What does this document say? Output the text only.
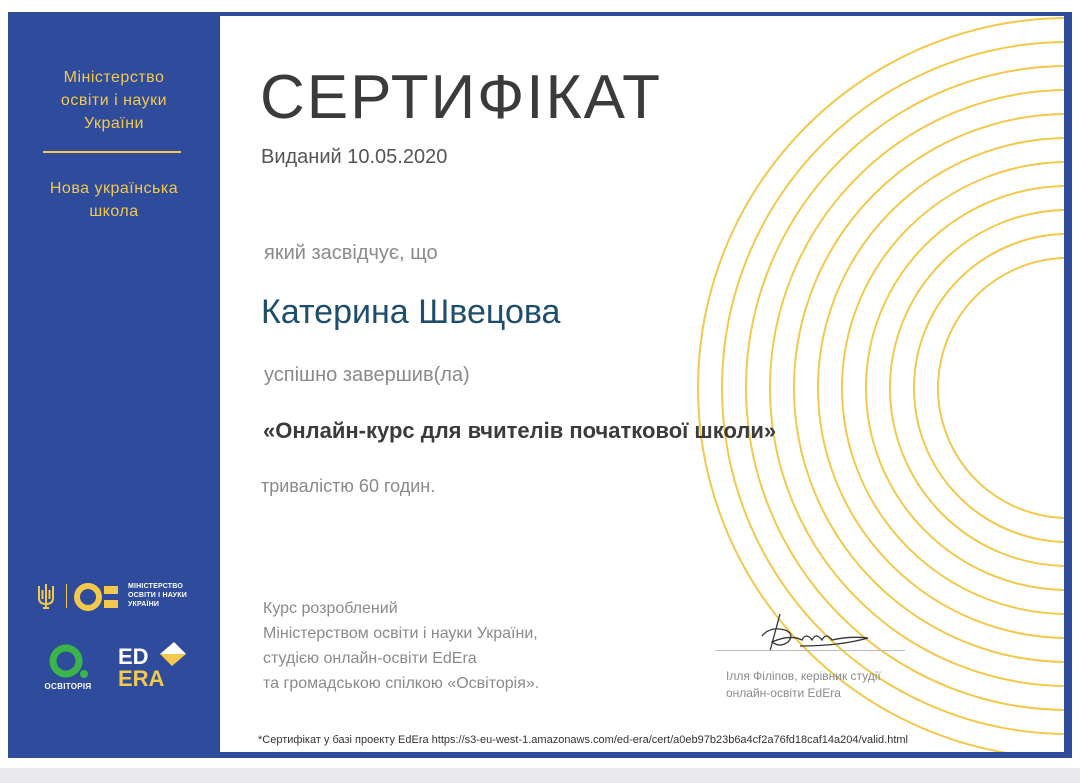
Міністерство
освіти і науки
України
Нова українська
школа
МІНІСТЕРСТВО
ОСВІТИ І НАУКИ
УКРАЇНИ
ОСВІТОРІЯ
ED
ERA
СЕРТИФІКАТ
Виданий 10.05.2020
який засвідчує, що
Катерина Швецова
успішно завершив(ла)
«Онлайн-курс для вчителів початкової школи»
тривалістю 60 годин.
Курс розроблений
Міністерством освіти і науки України,
студією онлайн-освіти EdEra
та громадською спілкою «Освіторія».	Ілля Філіпов, керівник студії
онлайн-освіти EdEra
*Сертифікат у базі проекту EdEra https://s3-eu-west-1.amazonaws.com/ed-era/cert/a0eb97b23b6a4cf2a76fd18caf14a204/valid.html
